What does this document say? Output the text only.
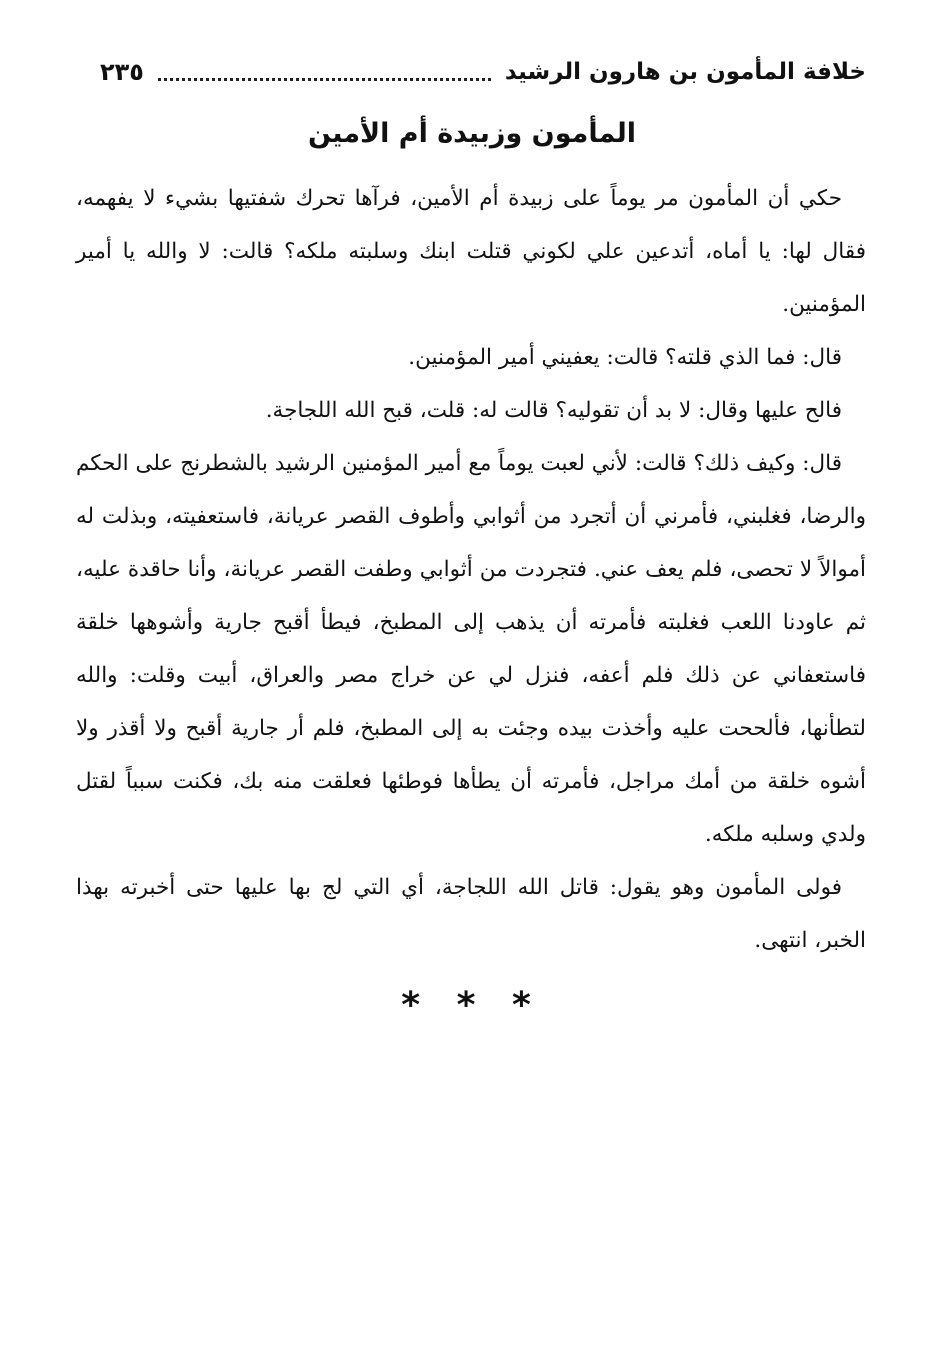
خلافة المأمون بن هارون الرشيد
٢٣٥
المأمون وزبيدة أم الأمين

حكي أن المأمون مر يوماً على زبيدة أم الأمين، فرآها تحرك شفتيها بشيء لا يفهمه، فقال لها: يا أماه، أتدعين علي لكوني قتلت ابنك وسلبته ملكه؟ قالت: لا والله يا أمير المؤمنين.

قال: فما الذي قلته؟ قالت: يعفيني أمير المؤمنين.

فالح عليها وقال: لا بد أن تقوليه؟ قالت له: قلت، قبح الله اللجاجة.

قال: وكيف ذلك؟ قالت: لأني لعبت يوماً مع أمير المؤمنين الرشيد بالشطرنج على الحكم والرضا، فغلبني، فأمرني أن أتجرد من أثوابي وأطوف القصر عريانة، فاستعفيته، وبذلت له أموالاً لا تحصى، فلم يعف عني. فتجردت من أثوابي وطفت القصر عريانة، وأنا حاقدة عليه، ثم عاودنا اللعب فغلبته فأمرته أن يذهب إلى المطبخ، فيطأ أقبح جارية وأشوهها خلقة فاستعفاني عن ذلك فلم أعفه، فنزل لي عن خراج مصر والعراق، أبيت وقلت: والله لتطأنها، فألححت عليه وأخذت بيده وجئت به إلى المطبخ، فلم أر جارية أقبح ولا أقذر ولا أشوه خلقة من أمك مراجل، فأمرته أن يطأها فوطئها فعلقت منه بك، فكنت سبباً لقتل ولدي وسلبه ملكه.

فولى المأمون وهو يقول: قاتل الله اللجاجة، أي التي لج بها عليها حتى أخبرته بهذا الخبر، انتهى.

* * *
